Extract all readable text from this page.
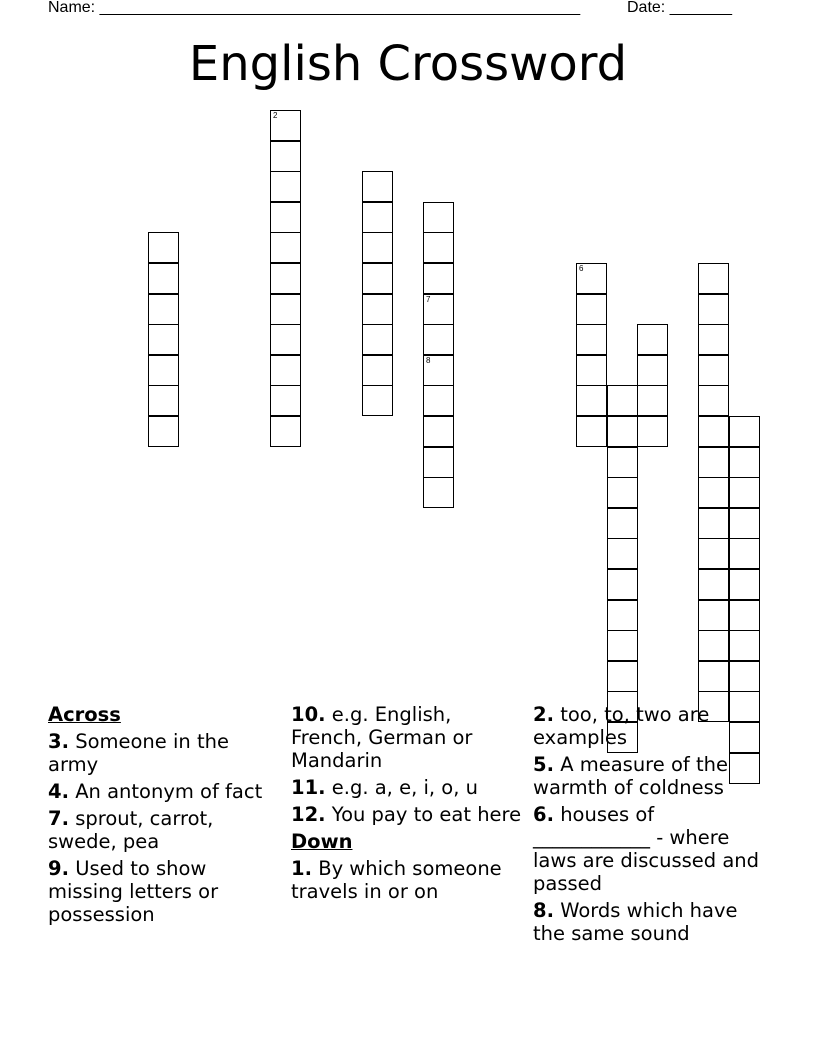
Name: ______________________________________________________	Date: _______
English Crossword
2
7
8
6
Across
3. Someone in the army
4. An antonym of fact
7. sprout, carrot, swede, pea
9. Used to show missing letters or possession
10. e.g. English, French, German or Mandarin
11. e.g. a, e, i, o, u
12. You pay to eat here
Down
1. By which someone travels in or on
2. too, to, two are examples
5. A measure of the warmth of coldness
6. houses of ____________ - where laws are discussed and passed
8. Words which have the same sound
